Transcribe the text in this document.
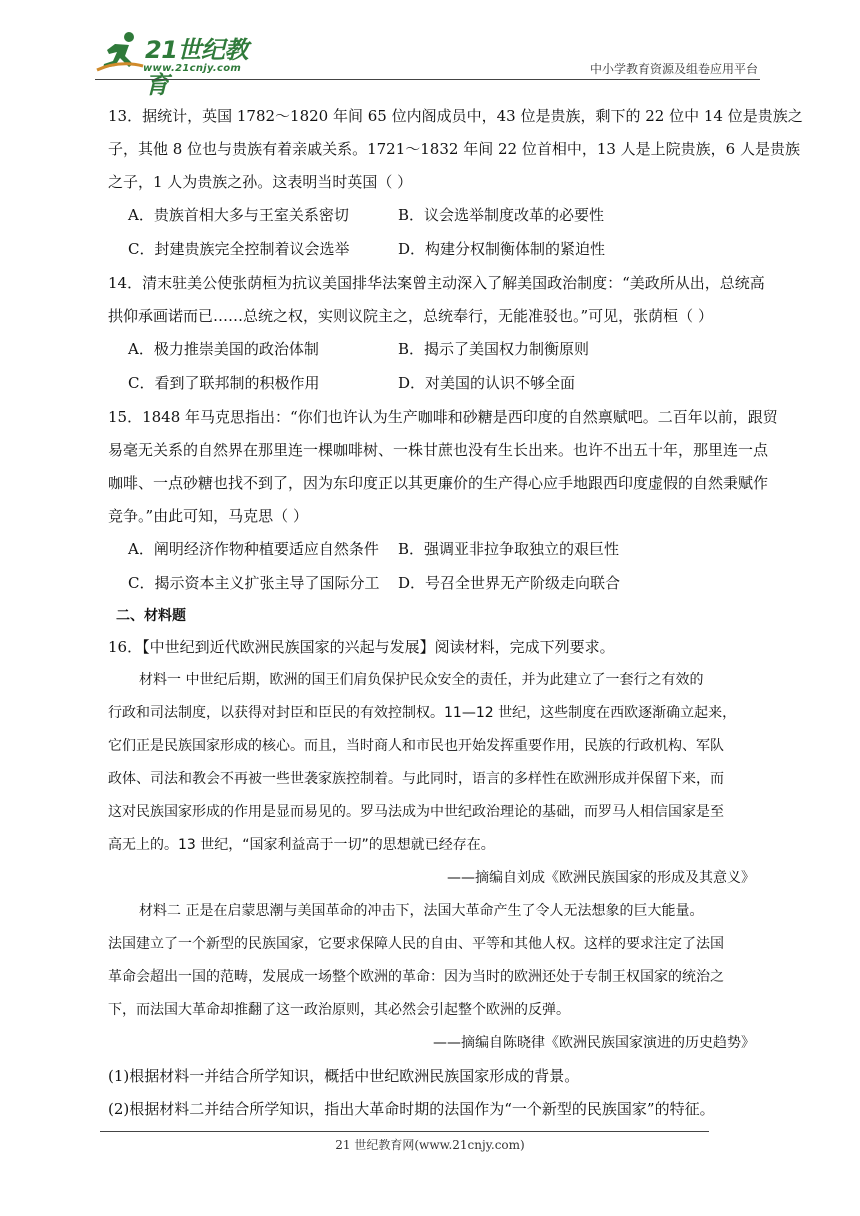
21世纪教育
www.21cnjy.com	中小学教育资源及组卷应用平台

13．据统计，英国 1782～1820 年间 65 位内阁成员中，43 位是贵族，剩下的 22 位中 14 位是贵族之

子，其他 8 位也与贵族有着亲戚关系。1721～1832 年间 22 位首相中，13 人是上院贵族，6 人是贵族

之子，1 人为贵族之孙。这表明当时英国（ ）

A．贵族首相大多与王室关系密切	B．议会选举制度改革的必要性

C．封建贵族完全控制着议会选举	D．构建分权制衡体制的紧迫性

14．清末驻美公使张荫桓为抗议美国排华法案曾主动深入了解美国政治制度：“美政所从出，总统高

拱仰承画诺而已……总统之权，实则议院主之，总统奉行，无能准驳也。”可见，张荫桓（ ）

A．极力推崇美国的政治体制	B．揭示了美国权力制衡原则

C．看到了联邦制的积极作用	D．对美国的认识不够全面

15．1848 年马克思指出：“你们也许认为生产咖啡和砂糖是西印度的自然禀赋吧。二百年以前，跟贸

易毫无关系的自然界在那里连一棵咖啡树、一株甘蔗也没有生长出来。也许不出五十年，那里连一点

咖啡、一点砂糖也找不到了，因为东印度正以其更廉价的生产得心应手地跟西印度虚假的自然秉赋作

竞争。”由此可知，马克思（ ）

A．阐明经济作物种植要适应自然条件 B．强调亚非拉争取独立的艰巨性

C．揭示资本主义扩张主导了国际分工 D．号召全世界无产阶级走向联合

二、材料题

16．【中世纪到近代欧洲民族国家的兴起与发展】阅读材料，完成下列要求。

材料一 中世纪后期，欧洲的国王们肩负保护民众安全的责任，并为此建立了一套行之有效的

行政和司法制度，以获得对封臣和臣民的有效控制权。11—12 世纪，这些制度在西欧逐渐确立起来，

它们正是民族国家形成的核心。而且，当时商人和市民也开始发挥重要作用，民族的行政机构、军队

政体、司法和教会不再被一些世袭家族控制着。与此同时，语言的多样性在欧洲形成并保留下来，而

这对民族国家形成的作用是显而易见的。罗马法成为中世纪政治理论的基础，而罗马人相信国家是至

高无上的。13 世纪，“国家利益高于一切”的思想就已经存在。

——摘编自刘成《欧洲民族国家的形成及其意义》

材料二 正是在启蒙思潮与美国革命的冲击下，法国大革命产生了令人无法想象的巨大能量。

法国建立了一个新型的民族国家，它要求保障人民的自由、平等和其他人权。这样的要求注定了法国

革命会超出一国的范畴，发展成一场整个欧洲的革命：因为当时的欧洲还处于专制王权国家的统治之

下，而法国大革命却推翻了这一政治原则，其必然会引起整个欧洲的反弹。

——摘编自陈晓律《欧洲民族国家演进的历史趋势》

(1)根据材料一并结合所学知识，概括中世纪欧洲民族国家形成的背景。

(2)根据材料二并结合所学知识，指出大革命时期的法国作为“一个新型的民族国家”的特征。

21 世纪教育网(www.21cnjy.com)
